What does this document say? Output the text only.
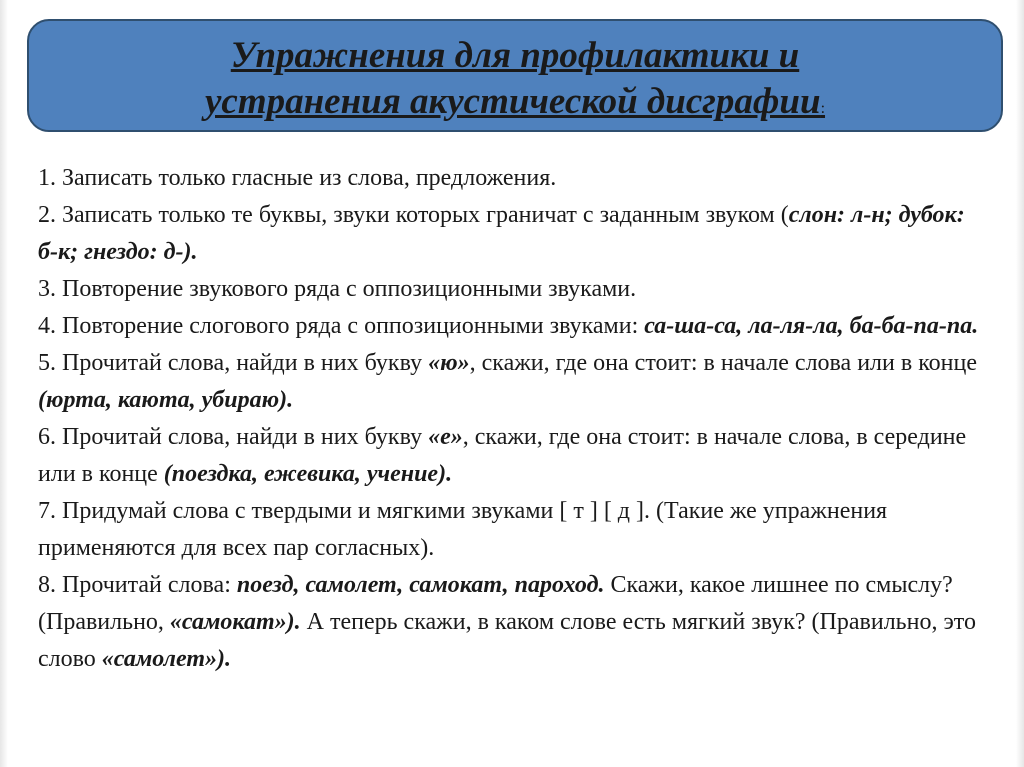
Упражнения для профилактики и
устранения акустической дисграфии:

1. Записать только гласные из слова, предложения.

2. Записать только те буквы, звуки которых граничат с заданным звуком (слон: л-н; дубок: б-к; гнездо: д-).

3. Повторение звукового ряда с оппозиционными звуками.

4. Повторение слогового ряда с оппозиционными звуками: са-ша-са, ла-ля-ла, ба-ба-па-па.

5. Прочитай слова, найди в них букву «ю», скажи, где она стоит: в начале слова или в конце (юрта, каюта, убираю).

6. Прочитай слова, найди в них букву «е», скажи, где она стоит: в начале слова, в середине или в конце (поездка, ежевика, учение).

7. Придумай слова с твердыми и мягкими звуками [ т ] [ д ]. (Такие же упражнения применяются для всех пар согласных).

8. Прочитай слова: поезд, самолет, самокат, пароход. Скажи, какое лишнее по смыслу? (Правильно, «самокат»). А теперь скажи, в каком слове есть мягкий звук? (Правильно, это слово «самолет»).
